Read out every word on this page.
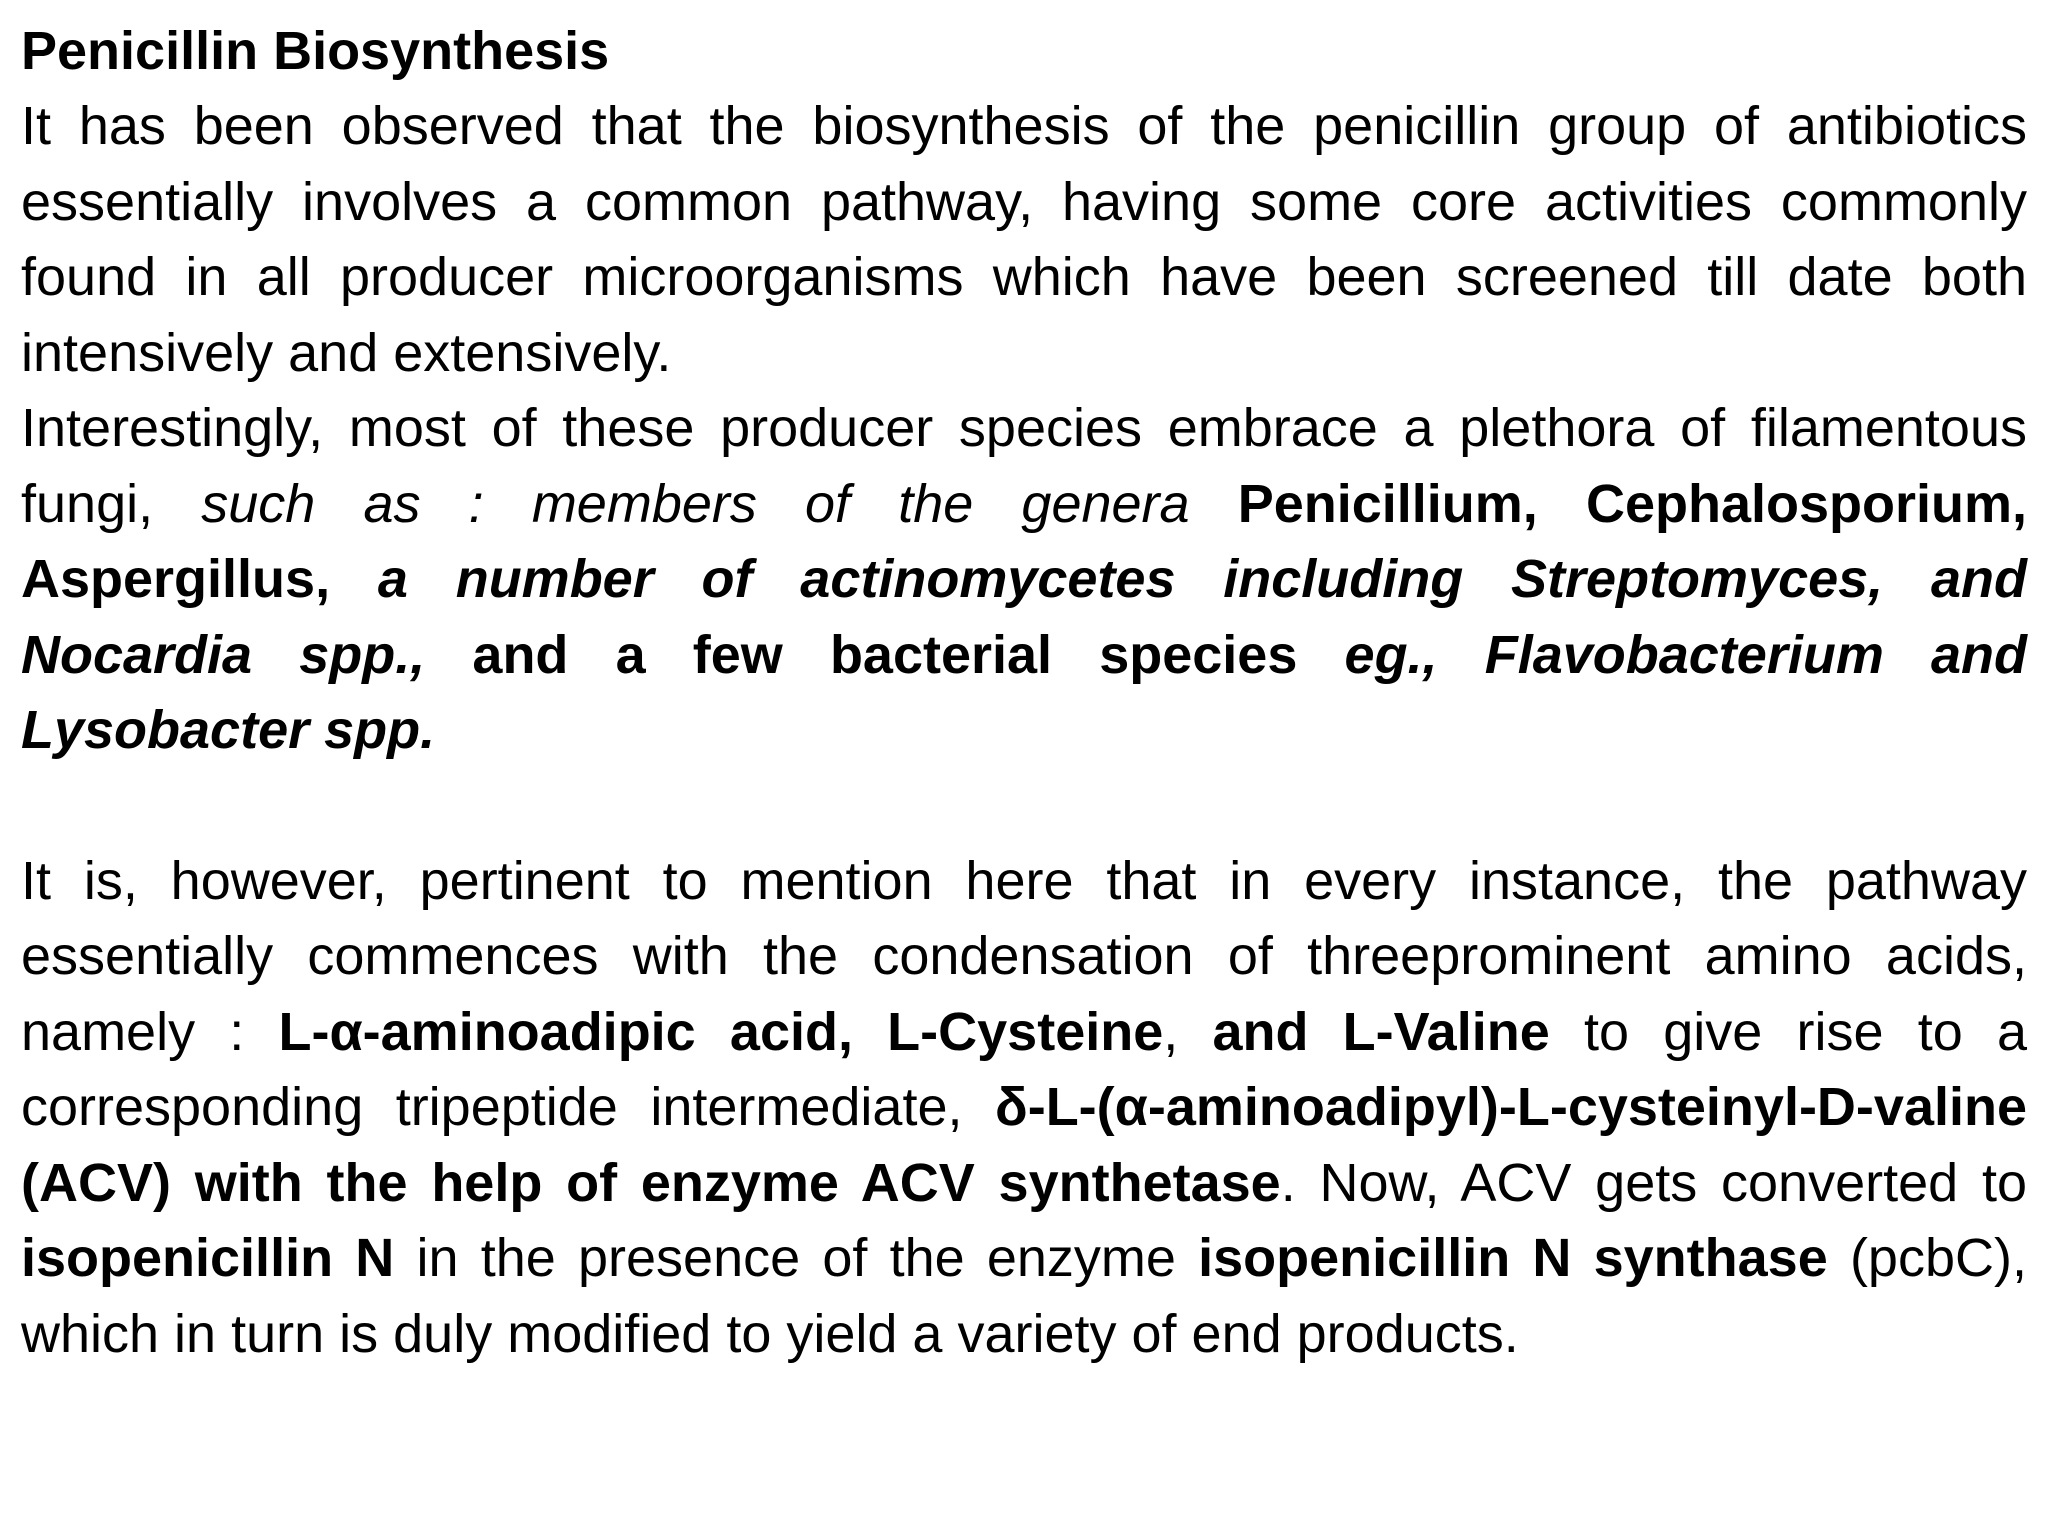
Penicillin Biosynthesis

It has been observed that the biosynthesis of the penicillin group of antibiotics essentially involves a common pathway, having some core activities commonly found in all producer microorganisms which have been screened till date both intensively and extensively.

Interestingly, most of these producer species embrace a plethora of filamentous fungi, such as : members of the genera Penicillium, Cephalosporium, Aspergillus, a number of actinomycetes including Streptomyces, and Nocardia spp., and a few bacterial species eg., Flavobacterium and Lysobacter spp.

It is, however, pertinent to mention here that in every instance, the pathway essentially commences with the condensation of threeprominent amino acids, namely : L-α-aminoadipic acid, L-Cysteine, and L-Valine to give rise to a corresponding tripeptide intermediate, δ-L-(α-aminoadipyl)-L-cysteinyl-D-valine (ACV) with the help of enzyme ACV synthetase. Now, ACV gets converted to isopenicillin N in the presence of the enzyme isopenicillin N synthase (pcbC), which in turn is duly modified to yield a variety of end products.
